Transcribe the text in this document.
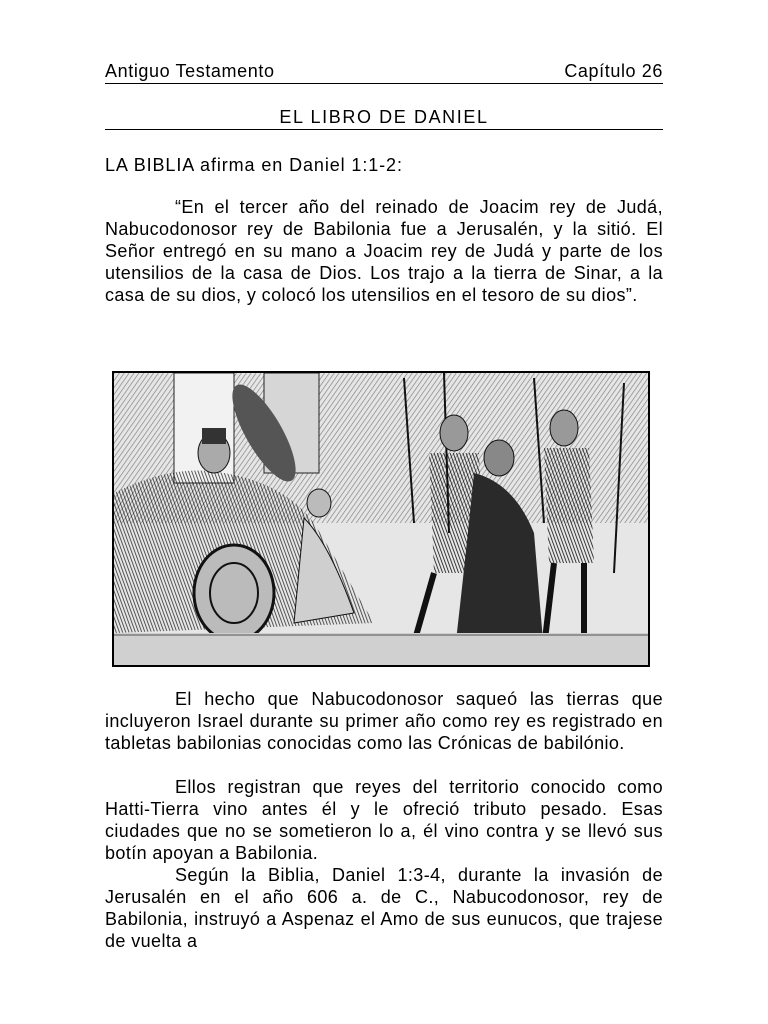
Antiguo Testamento	Capítulo 26
EL LIBRO DE DANIEL

LA BIBLIA afirma en Daniel 1:1-2:

“En el tercer año del reinado de Joacim rey de Judá, Nabucodonosor rey de Babilonia fue a Jerusalén, y la sitió. El Señor entregó en su mano a Joacim rey de Judá y parte de los utensilios de la casa de Dios. Los trajo a la tierra de Sinar, a la casa de su dios, y colocó los utensilios en el tesoro de su dios”.

El hecho que Nabucodonosor saqueó las tierras que incluyeron Israel durante su primer año como rey es registrado en tabletas babilonias conocidas como las Crónicas de babilónio.

Ellos registran que reyes del territorio conocido como Hatti-Tierra vino antes él y le ofreció tributo pesado. Esas ciudades que no se sometieron lo a, él vino contra y se llevó sus botín apoyan a Babilonia.

Según la Biblia, Daniel 1:3-4, durante la invasión de Jerusalén en el año 606 a. de C., Nabucodonosor, rey de Babilonia, instruyó a Aspenaz el Amo de sus eunucos, que trajese de vuelta a
